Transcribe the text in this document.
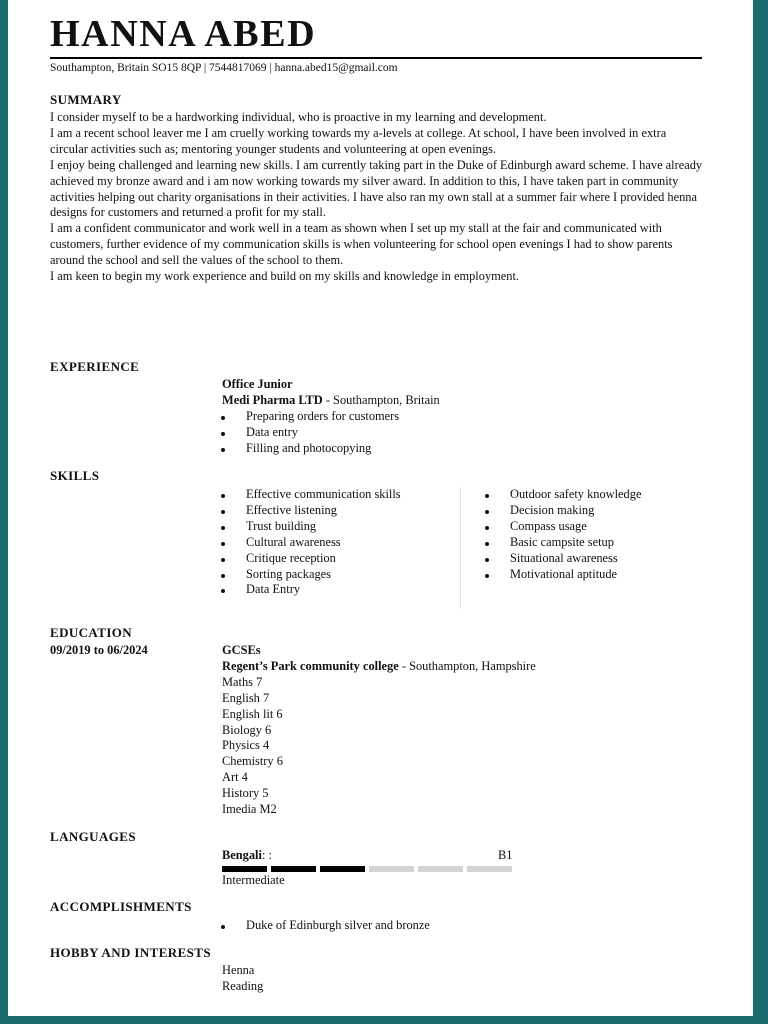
HANNA ABED
Southampton, Britain SO15 8QP | 7544817069 | hanna.abed15@gmail.com
SUMMARY

I consider myself to be a hardworking individual, who is proactive in my learning and development.

I am a recent school leaver me I am cruelly working towards my a-levels at college. At school, I have been involved in extra circular activities such as; mentoring younger students and volunteering at open evenings.

I enjoy being challenged and learning new skills. I am currently taking part in the Duke of Edinburgh award scheme. I have already achieved my bronze award and i am now working towards my silver award. In addition to this, I have taken part in community activities helping out charity organisations in their activities. I have also ran my own stall at a summer fair where I provided henna designs for customers and returned a profit for my stall.

I am a confident communicator and work well in a team as shown when I set up my stall at the fair and communicated with customers, further evidence of my communication skills is when volunteering for school open evenings I had to show parents around the school and sell the values of the school to them.

I am keen to begin my work experience and build on my skills and knowledge in employment.

EXPERIENCE
Office Junior
Medi Pharma LTD - Southampton, Britain
Preparing orders for customers
Data entry
Filling and photocopying
SKILLS
Effective communication skills
Effective listening
Trust building
Cultural awareness
Critique reception
Sorting packages
Data Entry
Outdoor safety knowledge
Decision making
Compass usage
Basic campsite setup
Situational awareness
Motivational aptitude
EDUCATION
09/2019 to 06/2024	GCSEs
Regent’s Park community college - Southampton, Hampshire
Maths 7
English 7
English lit 6
Biology 6
Physics 4
Chemistry 6
Art 4
History 5
Imedia M2
LANGUAGES
Bengali: :	B1
Intermediate
ACCOMPLISHMENTS
Duke of Edinburgh silver and bronze
HOBBY AND INTERESTS
Henna
Reading
